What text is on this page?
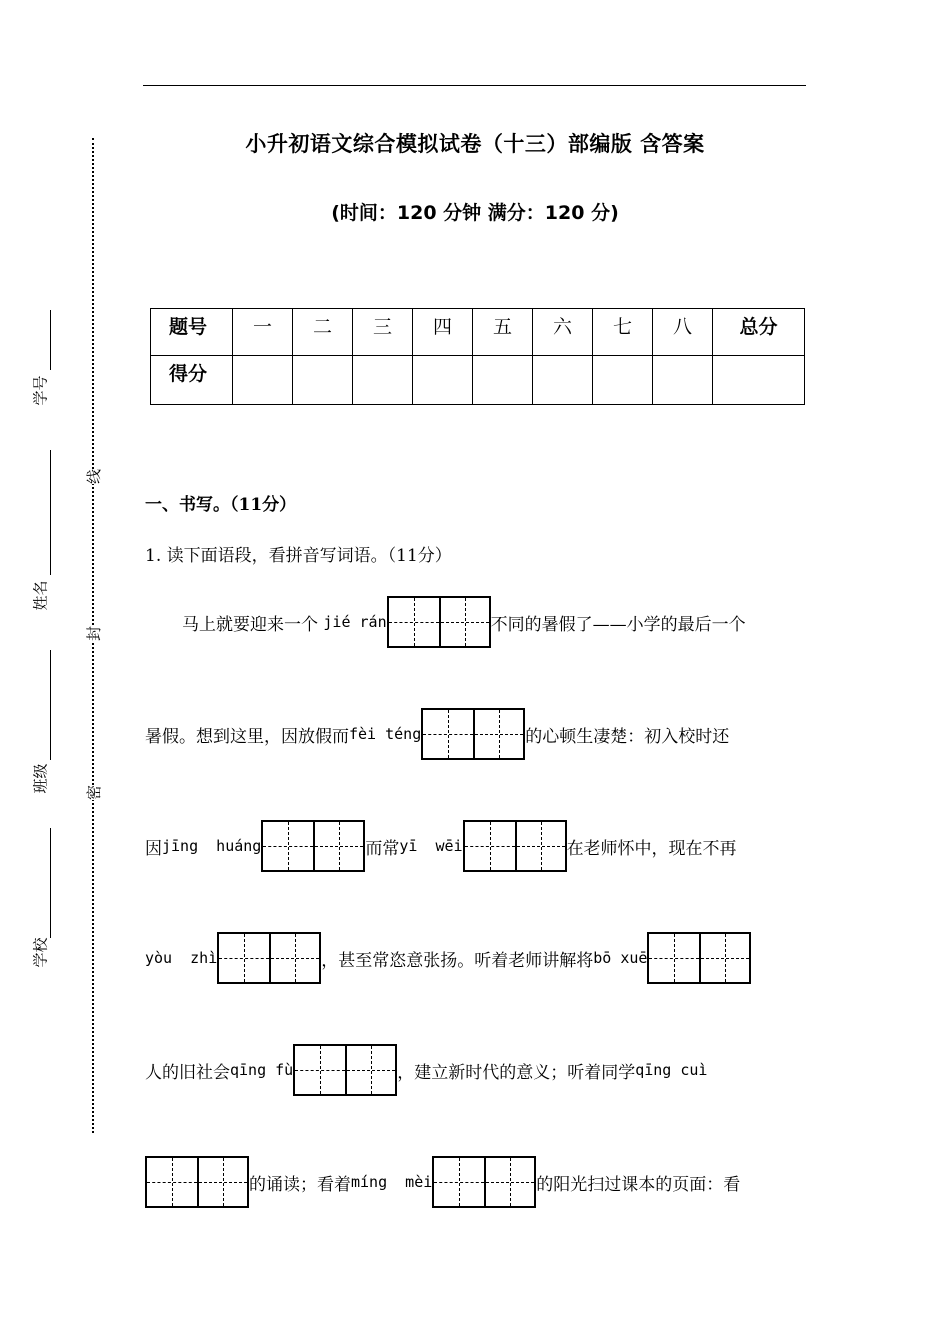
线
封
密
学号
姓名
班级
学校
小升初语文综合模拟试卷（十三）部编版 含答案
(时间：120 分钟 满分：120 分)
题号	一	二	三	四	五	六	七	八	总分
得分									
一、书写。（11分）
1. 读下面语段，看拼音写词语。（11分）
马上就要迎来一个
jié rán	不同的暑假了——小学的最后一个
暑假。想到这里，因放假而 fèi téng	的心顿生凄楚：初入校时还
因 jīng  huáng	而常 yī  wēi	在老师怀中，现在不再
yòu  zhì	，甚至常恣意张扬。听着老师讲解将 bō xuē
人的旧社会 qīng fù	，建立新时代的意义；听着同学 qīng cuì
的诵读；看着 míng  mèi	的阳光扫过课本的页面：看
